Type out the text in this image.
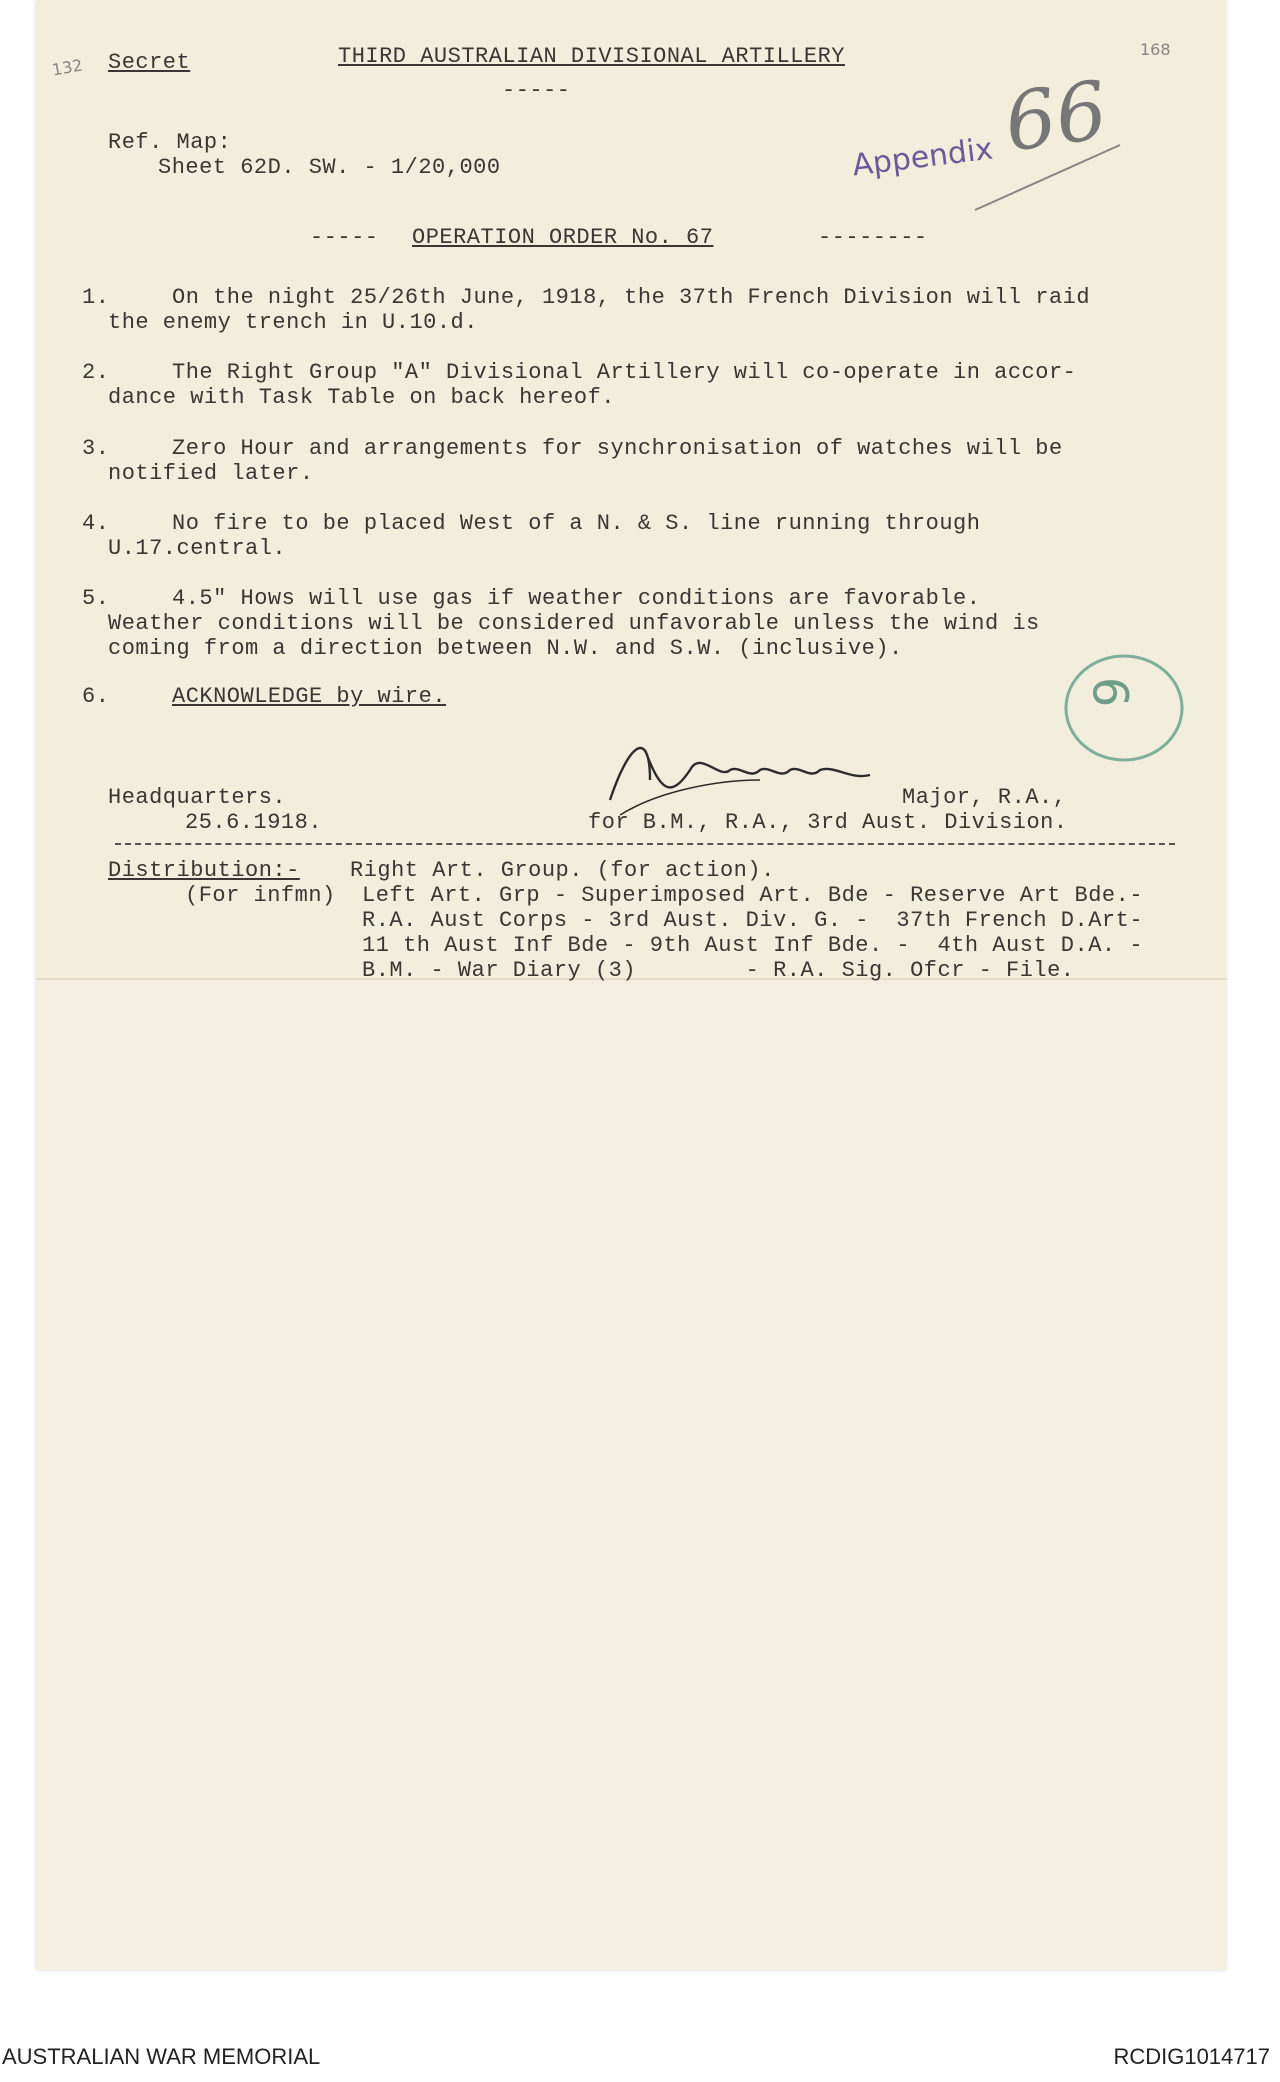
132 Secret	THIRD AUSTRALIAN DIVISIONAL ARTILLERY
-----
168
Ref. Map:
Sheet 62D. SW. - 1/20,000	Appendix 66
----- OPERATION ORDER No. 67	--------
1.	On the night 25/26th June, 1918, the 37th French Division will raid
the enemy trench in U.10.d.
2.	The Right Group "A" Divisional Artillery will co-operate in accor-
dance with Task Table on back hereof.
3.	Zero Hour and arrangements for synchronisation of watches will be
notified later.
4.	No fire to be placed West of a N. & S. line running through
U.17.central.
5.	4.5" Hows will use gas if weather conditions are favorable.
Weather conditions will be considered unfavorable unless the wind is
coming from a direction between N.W. and S.W. (inclusive).
6.	ACKNOWLEDGE by wire.	6
Headquarters.
25.6.1918.
Major, R.A.,
for B.M., R.A., 3rd Aust. Division.
Distribution:- Right Art. Group. (for action).
(For infmn) Left Art. Grp - Superimposed Art. Bde - Reserve Art Bde.-
R.A. Aust Corps - 3rd Aust. Div. G. -  37th French D.Art-
11 th Aust Inf Bde - 9th Aust Inf Bde. -  4th Aust D.A. -
B.M. - War Diary (3)        - R.A. Sig. Ofcr - File.
AUSTRALIAN WAR MEMORIAL	RCDIG1014717
